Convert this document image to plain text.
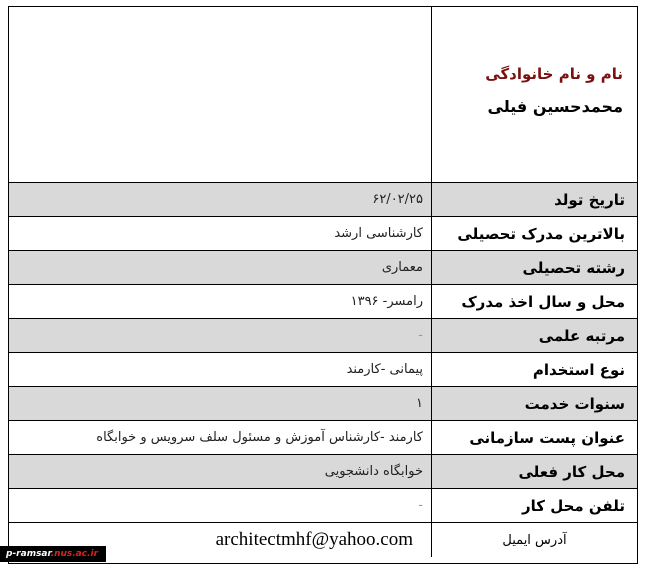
نام و نام خانوادگی
محمدحسین فیلی
تاریخ تولد
۶۲/۰۲/۲۵
بالاترین مدرک تحصیلی
کارشناسی ارشد
رشته تحصیلی
معماری
محل و سال اخذ مدرک
رامسر- ۱۳۹۶
مرتبه علمی
-
نوع استخدام
پیمانی -کارمند
سنوات خدمت
۱
عنوان پست سازمانی
کارمند -کارشناس آموزش و مسئول سلف سرویس و خوابگاه
محل کار فعلی
خوابگاه دانشجویی
تلفن محل کار
-
آدرس ایمیل
architectmhf@yahoo.com
p-ramsar.nus.ac.ir
